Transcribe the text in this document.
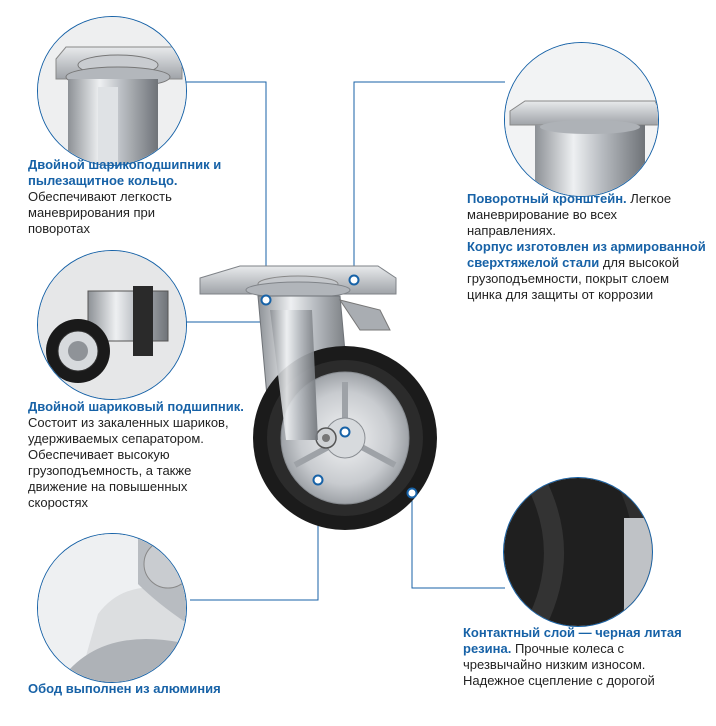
Двойной шарикоподшипник и
пылезащитное кольцо.
Обеспечивают легкость
маневрирования при
поворотах
Поворотный кронштейн. Легкое
маневрирование во всех
направлениях.
Корпус изготовлен из армированной
сверхтяжелой стали для высокой
грузоподъемности, покрыт слоем
цинка для защиты от коррозии
Двойной шариковый подшипник.
Состоит из закаленных шариков,
удерживаемых сепаратором.
Обеспечивает высокую
грузоподъемность, а также
движение на повышенных
скоростях
Контактный слой — черная литая
резина. Прочные колеса с
чрезвычайно низким износом.
Надежное сцепление с дорогой
Обод выполнен из алюминия
